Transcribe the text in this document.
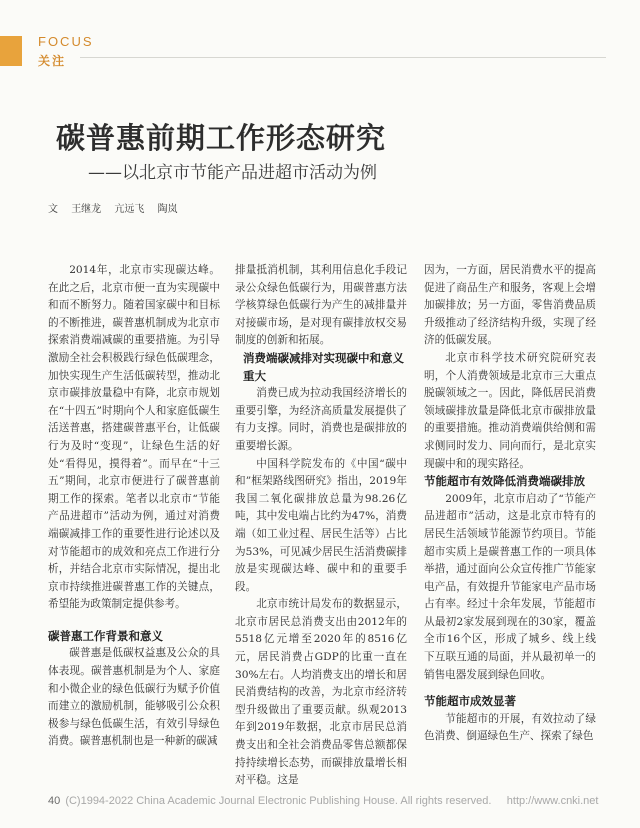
FOCUS
关注
碳普惠前期工作形态研究
——以北京市节能产品进超市活动为例
文 王继龙 亢远飞 陶岚

2014年，北京市实现碳达峰。在此之后，北京市便一直为实现碳中和而不断努力。随着国家碳中和目标的不断推进，碳普惠机制成为北京市探索消费端减碳的重要措施。为引导激励全社会积极践行绿色低碳理念，加快实现生产生活低碳转型，推动北京市碳排放量稳中有降，北京市规划在“十四五”时期向个人和家庭低碳生活送普惠，搭建碳普惠平台，让低碳行为及时“变现”，让绿色生活的好处“看得见，摸得着”。而早在“十三五”期间，北京市便进行了碳普惠前期工作的探索。笔者以北京市“节能产品进超市”活动为例，通过对消费端碳减排工作的重要性进行论述以及对节能超市的成效和亮点工作进行分析，并结合北京市实际情况，提出北京市持续推进碳普惠工作的关键点，希望能为政策制定提供参考。

碳普惠工作背景和意义

碳普惠是低碳权益惠及公众的具体表现。碳普惠机制是为个人、家庭和小微企业的绿色低碳行为赋予价值而建立的激励机制，能够吸引公众积极参与绿色低碳生活，有效引导绿色消费。碳普惠机制也是一种新的碳减

排量抵消机制，其利用信息化手段记录公众绿色低碳行为，用碳普惠方法学核算绿色低碳行为产生的减排量并对接碳市场，是对现有碳排放权交易制度的创新和拓展。

消费端碳减排对实现碳中和意义重大

消费已成为拉动我国经济增长的重要引擎，为经济高质量发展提供了有力支撑。同时，消费也是碳排放的重要增长源。

中国科学院发布的《中国“碳中和”框架路线图研究》指出，2019年我国二氧化碳排放总量为98.26亿吨，其中发电端占比约为47%，消费端（如工业过程、居民生活等）占比为53%，可见减少居民生活消费碳排放是实现碳达峰、碳中和的重要手段。

北京市统计局发布的数据显示，北京市居民总消费支出由2012年的5518亿元增至2020年的8516亿元，居民消费占GDP的比重一直在30%左右。人均消费支出的增长和居民消费结构的改善，为北京市经济转型升级做出了重要贡献。纵观2013年到2019年数据，北京市居民总消费支出和全社会消费品零售总额都保持持续增长态势，而碳排放量增长相对平稳。这是

因为，一方面，居民消费水平的提高促进了商品生产和服务，客观上会增加碳排放；另一方面，零售消费品质升级推动了经济结构升级，实现了经济的低碳发展。

北京市科学技术研究院研究表明，个人消费领域是北京市三大重点脱碳领域之一。因此，降低居民消费领域碳排放量是降低北京市碳排放量的重要措施。推动消费端供给侧和需求侧同时发力、同向而行，是北京实现碳中和的现实路径。

节能超市有效降低消费端碳排放

2009年，北京市启动了“节能产品进超市”活动，这是北京市特有的居民生活领域节能源节约项目。节能超市实质上是碳普惠工作的一项具体举措，通过面向公众宣传推广节能家电产品，有效提升节能家电产品市场占有率。经过十余年发展，节能超市从最初2家发展到现在的30家，覆盖全市16个区，形成了城乡、线上线下互联互通的局面，并从最初单一的销售电器发展到绿色回收。

节能超市成效显著

节能超市的开展，有效拉动了绿色消费、倒逼绿色生产、探索了绿色

40 (C)1994-2022 China Academic Journal Electronic Publishing House. All rights reserved. http://www.cnki.net
